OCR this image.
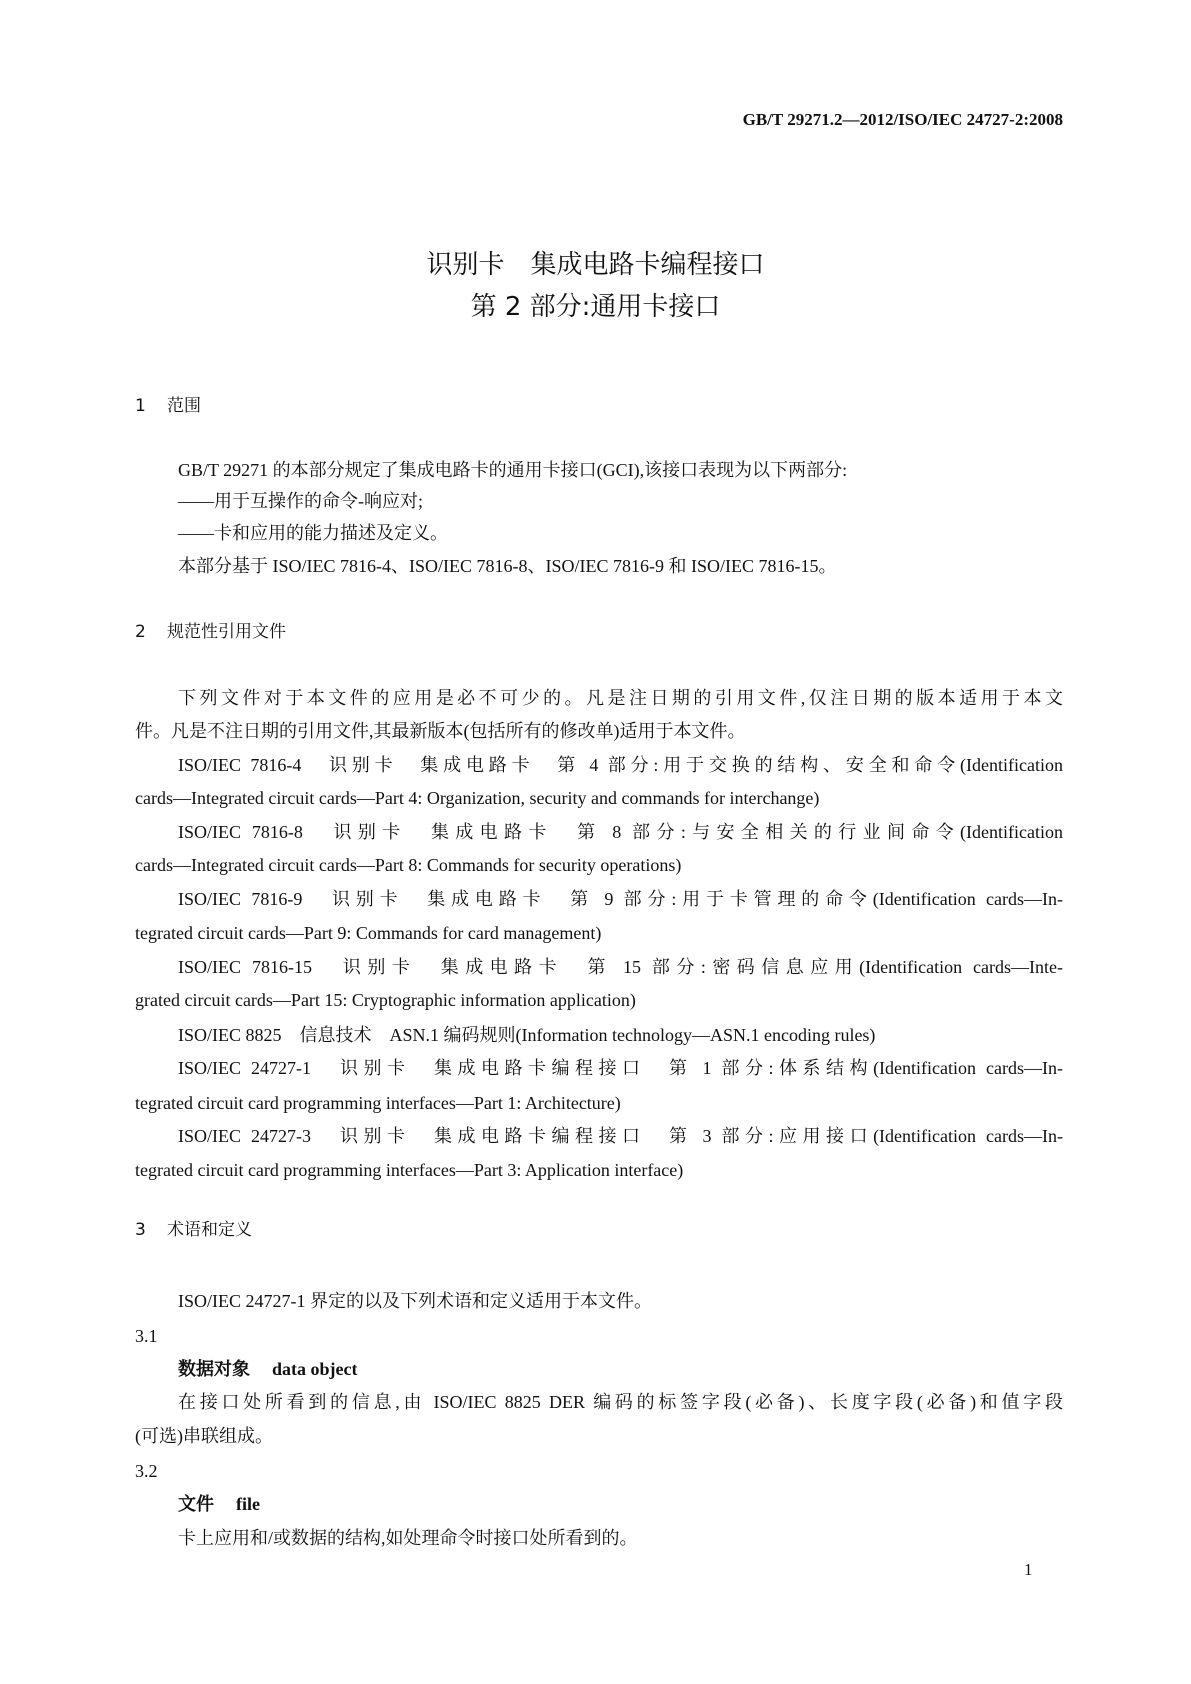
GB/T 29271.2—2012/ISO/IEC 24727-2:2008
识别卡　集成电路卡编程接口
第 2 部分:通用卡接口
1 范围
GB/T 29271 的本部分规定了集成电路卡的通用卡接口(GCI),该接口表现为以下两部分:
——用于互操作的命令-响应对;
——卡和应用的能力描述及定义。
本部分基于 ISO/IEC 7816-4、ISO/IEC 7816-8、ISO/IEC 7816-9 和 ISO/IEC 7816-15。
2 规范性引用文件
下列文件对于本文件的应用是必不可少的。凡是注日期的引用文件,仅注日期的版本适用于本文
件。凡是不注日期的引用文件,其最新版本(包括所有的修改单)适用于本文件。
ISO/IEC 7816-4　识别卡　集成电路卡　第 4 部分:用于交换的结构、安全和命令(Identification
cards—Integrated circuit cards—Part 4: Organization, security and commands for interchange)
ISO/IEC 7816-8　识别卡　集成电路卡　第 8 部分:与安全相关的行业间命令(Identification
cards—Integrated circuit cards—Part 8: Commands for security operations)
ISO/IEC 7816-9　识别卡　集成电路卡　第 9 部分:用于卡管理的命令(Identification cards—In-
tegrated circuit cards—Part 9: Commands for card management)
ISO/IEC 7816-15　识别卡　集成电路卡　第 15 部分:密码信息应用(Identification cards—Inte-
grated circuit cards—Part 15: Cryptographic information application)
ISO/IEC 8825　信息技术　ASN.1 编码规则(Information technology—ASN.1 encoding rules)
ISO/IEC 24727-1　识别卡　集成电路卡编程接口　第 1 部分:体系结构(Identification cards—In-
tegrated circuit card programming interfaces—Part 1: Architecture)
ISO/IEC 24727-3　识别卡　集成电路卡编程接口　第 3 部分:应用接口(Identification cards—In-
tegrated circuit card programming interfaces—Part 3: Application interface)
3 术语和定义
ISO/IEC 24727-1 界定的以及下列术语和定义适用于本文件。
3.1
数据对象 data object
在接口处所看到的信息,由 ISO/IEC 8825 DER 编码的标签字段(必备)、长度字段(必备)和值字段
(可选)串联组成。
3.2
文件 file
卡上应用和/或数据的结构,如处理命令时接口处所看到的。
1
